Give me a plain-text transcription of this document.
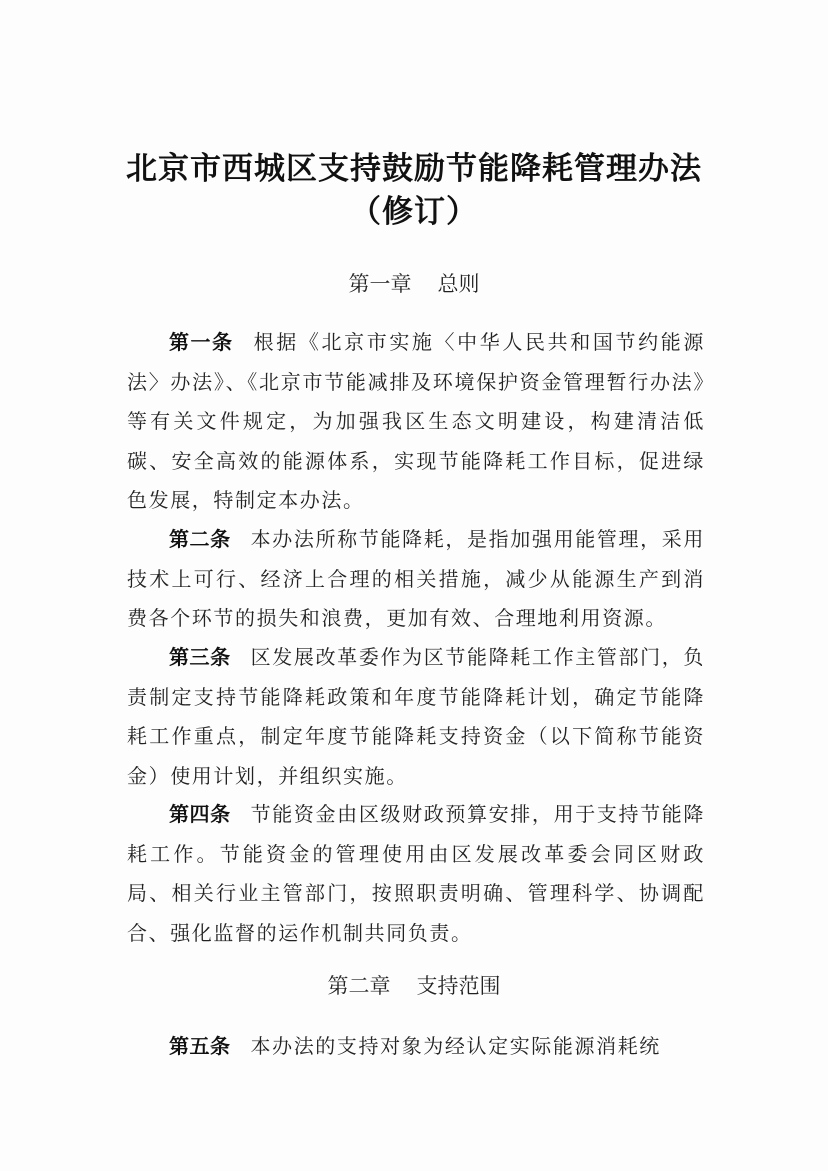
北京市西城区支持鼓励节能降耗管理办法
（修订）
第一章 总则

第一条 根据《北京市实施〈中华人民共和国节约能源法〉办法》、《北京市节能减排及环境保护资金管理暂行办法》等有关文件规定，为加强我区生态文明建设，构建清洁低碳、安全高效的能源体系，实现节能降耗工作目标，促进绿色发展，特制定本办法。

第二条 本办法所称节能降耗，是指加强用能管理，采用技术上可行、经济上合理的相关措施，减少从能源生产到消费各个环节的损失和浪费，更加有效、合理地利用资源。

第三条 区发展改革委作为区节能降耗工作主管部门，负责制定支持节能降耗政策和年度节能降耗计划，确定节能降耗工作重点，制定年度节能降耗支持资金（以下简称节能资金）使用计划，并组织实施。

第四条 节能资金由区级财政预算安排，用于支持节能降耗工作。节能资金的管理使用由区发展改革委会同区财政局、相关行业主管部门，按照职责明确、管理科学、协调配合、强化监督的运作机制共同负责。

第二章 支持范围

第五条 本办法的支持对象为经认定实际能源消耗统
